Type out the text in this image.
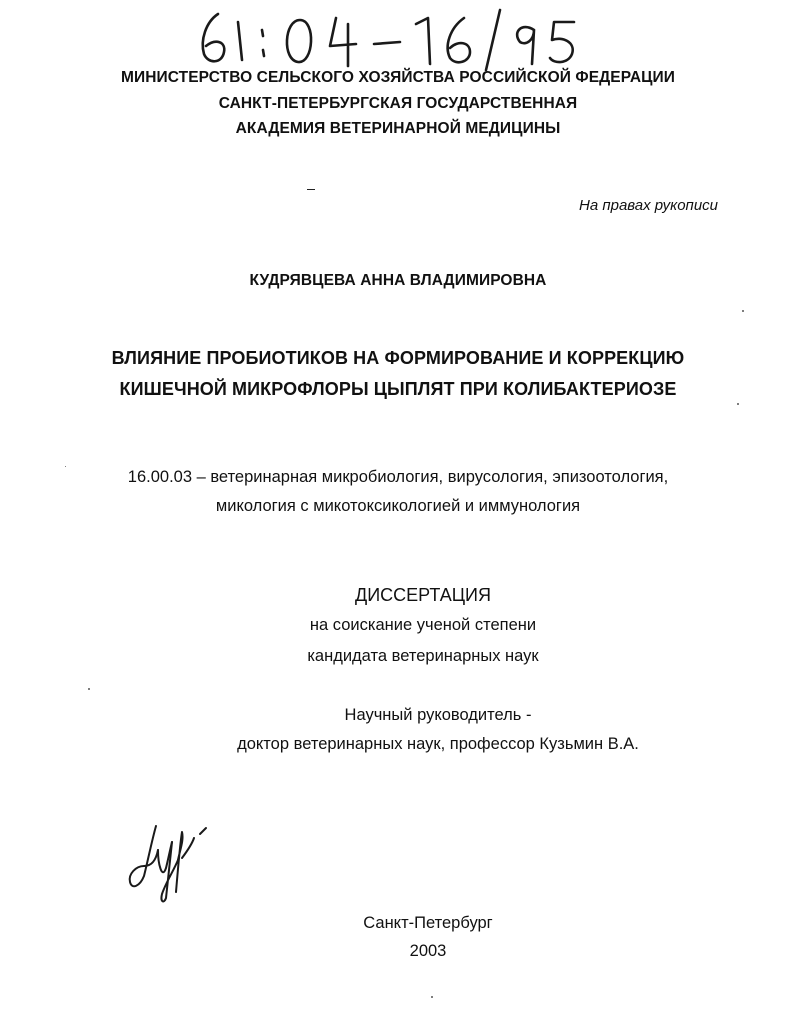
МИНИСТЕРСТВО СЕЛЬСКОГО ХОЗЯЙСТВА РОССИЙСКОЙ ФЕДЕРАЦИИ
САНКТ-ПЕТЕРБУРГСКАЯ ГОСУДАРСТВЕННАЯ
АКАДЕМИЯ ВЕТЕРИНАРНОЙ МЕДИЦИНЫ
На правах рукописи
КУДРЯВЦЕВА АННА ВЛАДИМИРОВНА
ВЛИЯНИЕ ПРОБИОТИКОВ НА ФОРМИРОВАНИЕ И КОРРЕКЦИЮ
КИШЕЧНОЙ МИКРОФЛОРЫ ЦЫПЛЯТ ПРИ КОЛИБАКТЕРИОЗЕ
16.00.03 – ветеринарная микробиология, вирусология, эпизоотология,
микология с микотоксикологией и иммунология
ДИССЕРТАЦИЯ
на соискание ученой степени
кандидата ветеринарных наук
Научный руководитель -
доктор ветеринарных наук, профессор Кузьмин В.А.
Санкт-Петербург
2003
